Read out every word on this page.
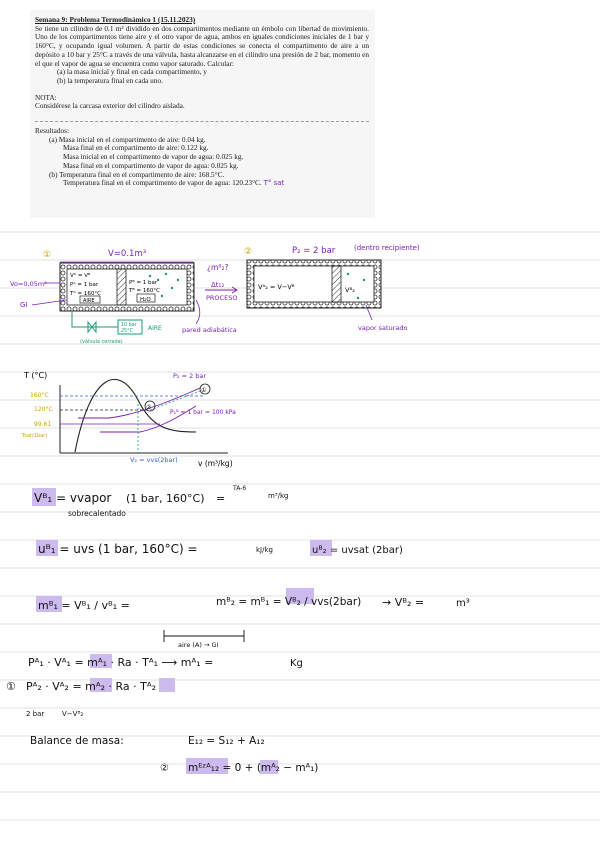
Semana 9: Problema Termodinámico 1 (15.11.2023)

Se tiene un cilindro de 0.1 m³ dividido en dos compartimentos mediante un émbolo con libertad de movimiento. Uno de los compartimentos tiene aire y el otro vapor de agua, ambos en iguales condiciones iniciales de 1 bar y 160°C, y ocupando igual volumen. A partir de estas condiciones se conecta el compartimento de aire a un depósito a 10 bar y 25°C a través de una válvula, hasta alcanzarse en el cilindro una presión de 2 bar, momento en el que el vapor de agua se encuentra como vapor saturado. Calcular:

(a) la masa inicial y final en cada compartimento, y

(b) la temperatura final en cada uno.

NOTA:

Considérese la carcasa exterior del cilindro aislada.

Resultados:

(a) Masa inicial en el compartimento de aire: 0.04 kg.

Masa final en el compartimento de aire: 0.122 kg.

Masa inicial en el compartimento de vapor de agua: 0.025 kg.

Masa final en el compartimento de vapor de agua: 0.025 kg.

(b) Temperatura final en el compartimento de aire: 168.5°C.

Temperatura final en el compartimento de vapor de agua: 120.23°C. T° sat

①	V=0.1m³
Vᴬ = Vᴮ
Pᴬ = 1 bar
Tᴬ = 160°C
AIRE
Pᴮ = 1 bar
Tᴮ = 160°C
H₂O
Vo=0,05m³
GI
10 bar
25°C	AIRE
(válvula cerrada)
pared adiabática
¿mᴮ₂?
Δt₁₂
PROCESO
②	P₂ = 2 bar	(dentro recipiente)
Vᴬ₂ = V−Vᴮ	Vᴮ₂
vapor saturado
T (°C)
v (m³/kg)
160°C
120°C
99.61
Tsat(1bar)
P₂ = 2 bar
P₁ᴮ = 1 bar = 100 kPa
①
②
V₂ = vvs(2bar)
Vᴮ₁ = vvapor (1 bar, 160°C)
TA-6
=	m³/kg
sobrecalentado
uᴮ₁ = uvs (1 bar, 160°C) =	kJ/kg	uᴮ₂ = uvsat (2bar)
mᴮ₁ = Vᴮ₁ / vᴮ₁ =	mᴮ₂ = mᴮ₁ = Vᴮ₂ / vvs(2bar) → Vᴮ₂ =	m³
aire (A) → GI
Pᴬ₁ · Vᴬ₁ = mᴬ₁ · Ra · Tᴬ₁ ⟶ mᴬ₁ =	Kg
① Pᴬ₂ · Vᴬ₂ = mᴬ₂ · Ra · Tᴬ₂
2 bar	V−Vᴮ₂
Balance de masa:	E₁₂ = S₁₂ + A₁₂
② mᴱᶻᴬ₁₂ = 0 + (mᴬ₂ − mᴬ₁)
